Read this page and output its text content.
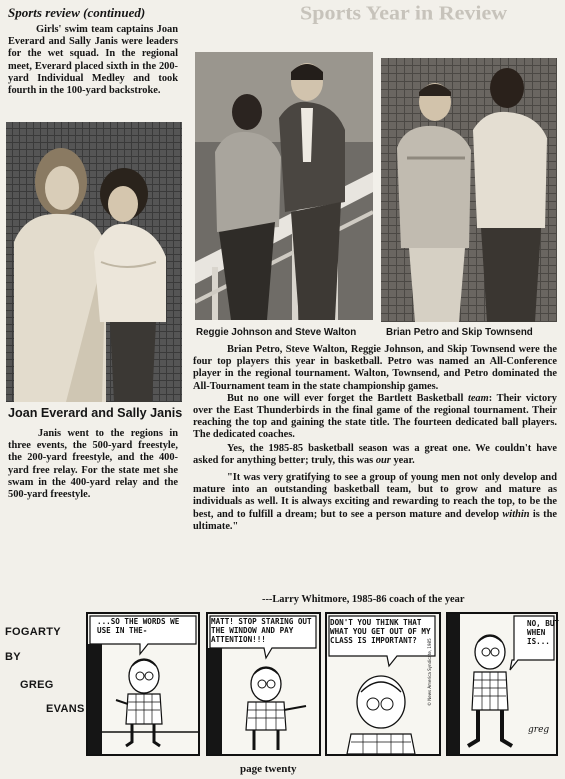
Sports Year in Review
Sports review (continued)
Girls' swim team captains Joan Everard and Sally Janis were leaders for the wet squad. In the regional meet, Everard placed sixth in the 200-yard Individual Medley and took fourth in the 100-yard backstroke.
Joan Everard and Sally Janis
Reggie Johnson and Steve Walton	Brian Petro and Skip Townsend
Janis went to the regions in three events, the 500-yard freestyle, the 200-yard freestyle, and the 400-yard free relay. For the state met she swam in the 400-yard relay and the 500-yard freestyle.

Brian Petro, Steve Walton, Reggie Johnson, and Skip Townsend were the four top players this year in basketball. Petro was named an All-Conference player in the regional tournament. Walton, Townsend, and Petro dominated the All-Tournament team in the state championship games.

But no one will ever forget the Bartlett Basketball team: Their victory over the East Thunderbirds in the final game of the regional tournament. Their reaching the top and gaining the state title. The fourteen dedicated ball players. The dedicated coaches.

Yes, the 1985-85 basketball season was a great one. We couldn't have asked for anything better; truly, this was our year.

"It was very gratifying to see a group of young men not only develop and mature into an outstanding basketball team, but to grow and mature as individuals as well. It is always exciting and rewarding to reach the top, to be the best, and to fulfill a dream; but to see a person mature and develop within is the ultimate."

---Larry Whitmore, 1985-86 coach of the year
FOGARTY
BY
GREG
EVANS
© News America Syndicate, 1985
greg
...SO THE WORDS WE USE IN THE-
MATT! STOP STARING OUT THE WINDOW AND PAY ATTENTION!!!
DON'T YOU THINK THAT WHAT YOU GET OUT OF MY CLASS IS IMPORTANT?
NO, BUT WHEN IS...
page twenty
